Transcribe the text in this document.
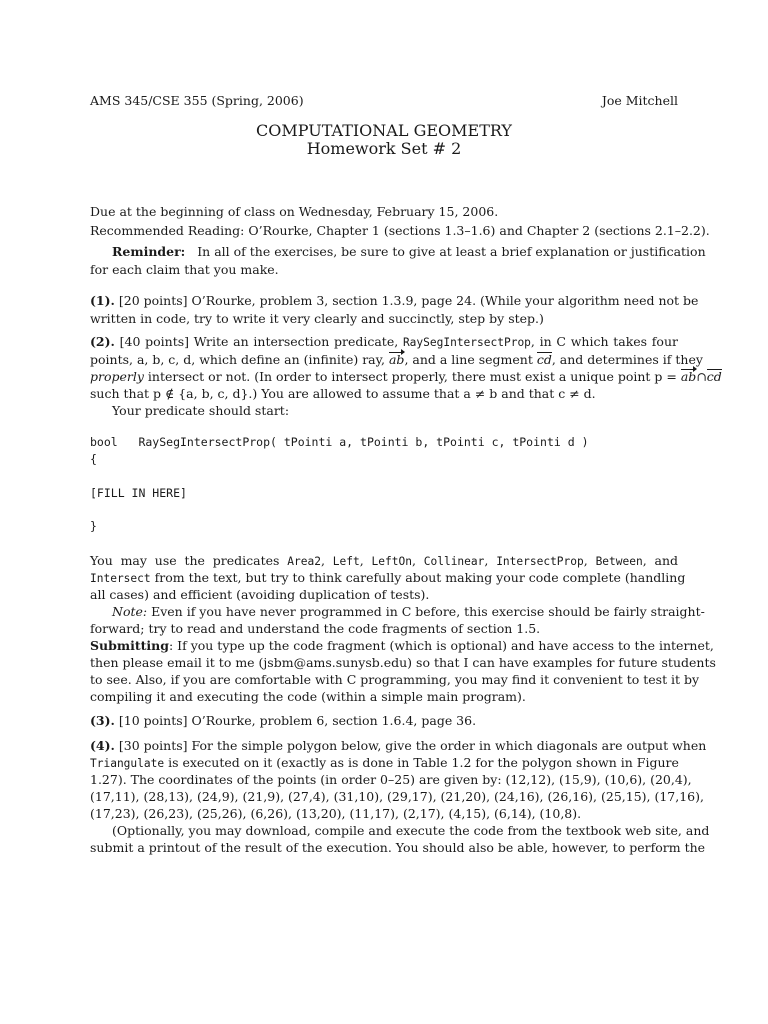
AMS 345/CSE 355 (Spring, 2006)	Joe Mitchell
COMPUTATIONAL GEOMETRY
Homework Set # 2
Due at the beginning of class on Wednesday, February 15, 2006.
Recommended Reading: O’Rourke, Chapter 1 (sections 1.3–1.6) and Chapter 2 (sections 2.1–2.2).
Reminder: In all of the exercises, be sure to give at least a brief explanation or justification
for each claim that you make.
(1). [20 points] O’Rourke, problem 3, section 1.3.9, page 24. (While your algorithm need not be
written in code, try to write it very clearly and succinctly, step by step.)
(2). [40 points] Write an intersection predicate, RaySegIntersectProp, in C which takes four
points, a, b, c, d, which define an (infinite) ray, ab, and a line segment cd, and determines if they
properly intersect or not. (In order to intersect properly, there must exist a unique point p = ab∩cd
such that p ∉ {a, b, c, d}.) You are allowed to assume that a ≠ b and that c ≠ d.
Your predicate should start:
bool   RaySegIntersectProp( tPointi a, tPointi b, tPointi c, tPointi d )
{
[FILL IN HERE]
}
You may use the predicates Area2, Left, LeftOn, Collinear, IntersectProp, Between, and
Intersect from the text, but try to think carefully about making your code complete (handling
all cases) and efficient (avoiding duplication of tests).
Note: Even if you have never programmed in C before, this exercise should be fairly straight-
forward; try to read and understand the code fragments of section 1.5.
Submitting: If you type up the code fragment (which is optional) and have access to the internet,
then please email it to me (jsbm@ams.sunysb.edu) so that I can have examples for future students
to see. Also, if you are comfortable with C programming, you may find it convenient to test it by
compiling it and executing the code (within a simple main program).
(3). [10 points] O’Rourke, problem 6, section 1.6.4, page 36.
(4). [30 points] For the simple polygon below, give the order in which diagonals are output when
Triangulate is executed on it (exactly as is done in Table 1.2 for the polygon shown in Figure
1.27). The coordinates of the points (in order 0–25) are given by: (12,12), (15,9), (10,6), (20,4),
(17,11), (28,13), (24,9), (21,9), (27,4), (31,10), (29,17), (21,20), (24,16), (26,16), (25,15), (17,16),
(17,23), (26,23), (25,26), (6,26), (13,20), (11,17), (2,17), (4,15), (6,14), (10,8).
(Optionally, you may download, compile and execute the code from the textbook web site, and
submit a printout of the result of the execution. You should also be able, however, to perform the
